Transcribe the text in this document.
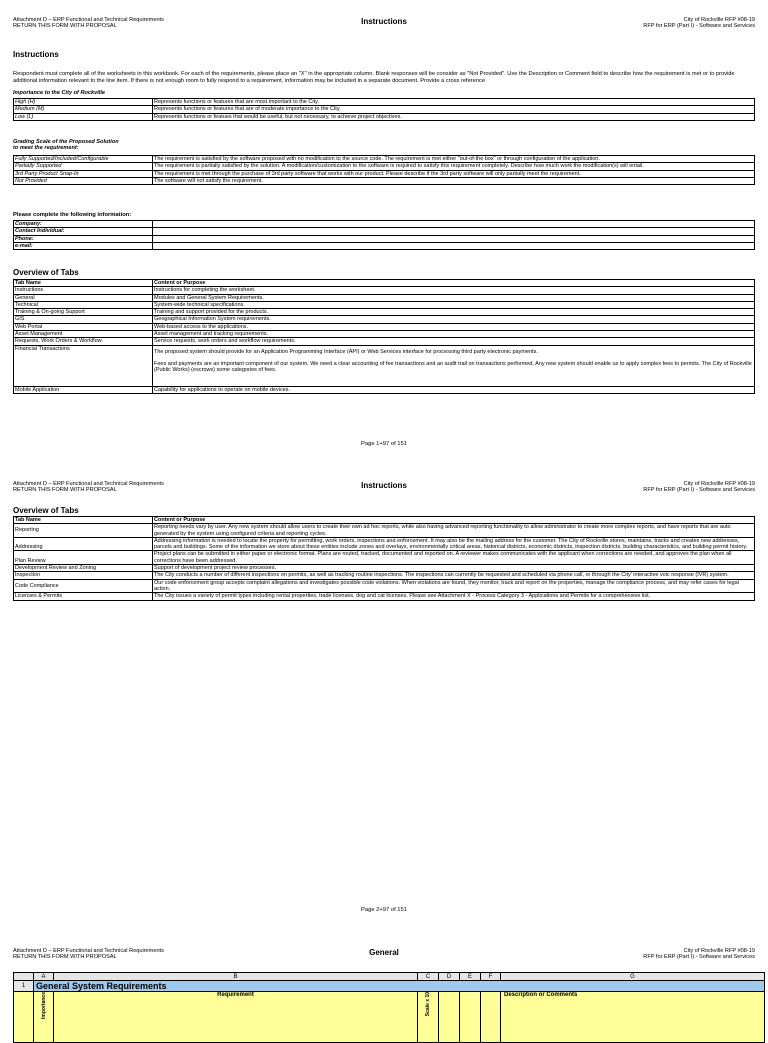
Attachment D – ERP Functional and Technical Requirements
RETURN THIS FORM WITH PROPOSAL
Instructions	City of Rockville RFP #08-19
RFP for ERP (Part I) - Software and Services
Instructions
Respondent must complete all of the worksheets in this workbook. For each of the requirements, please place an "X" in the appropriate column. Blank responses will be consider as "Not Provided". Use the Description or Comment field to describe how the requirement is met or to provide additional information relevant to the line item. If there is not enough room to fully respond to a requirement, information may be included in a separate document. Provide a cross reference
Importance to the City of Rockville
High (H)	Represents functions or features that are most important to the City.
Medium (M)	Represents functions or features that are of moderate importance to the City.
Low (L)	Represents functions or featues that would be useful, but not necessary, to achieve project objectives.
Grading Scale of the Proposed Solution
to meet the requirement:
Fully Supported/Included/Configurable	The requirement is satisfied by the software proposed with no modification to the source code. The requirement is met either "out-of-the box" or through configuration of the application.
Partially Supported	The requirement is partially satisfied by the solution. A modification/customization to the software is required to satisfy this requirement completely. Describe how much work the modification(s) will entail.
3rd Party Product Snap-In	The requirement is met through the purchase of 3rd party software that works with our product. Please describe if the 3rd party software will only partially meet the requirement.
Not Provided	The software will not satisfy the requirement.
Please complete the following information:
Company:	
Contact Individual:	
Phone:	
e-mail:	
Overview of Tabs
Tab Name	Content or Purpose
Instructions	Instructions for completing the worksheet.
General	Modules and General System Requirements.
Technical	System-wide technical specifications.
Training & On-going Support	Training and support provided for the products.
GIS	Geographical Information System requirements.
Web Portal	Web-based access to the applications.
Asset Management	Asset management and tracking requirements.
Requests, Work Orders & Workflow	Service requests, work orders and workflow requirements.
Financial Transactions	The proposed system should provide for an Application Programming Interface (API) or Web Services interface for processing third party electronic payments.
Fees and payments are an important component of our system. We need a clear accounting of fee transactions and an audit trail on transactions performed. Any new system should enable us to apply complex fees to permits. The City of Rockville (Public Works) (escrows) some categories of fees.

Mobile Application	Capability for applications to operate on mobile devices.
Page 1+97 of 151
Attachment D – ERP Functional and Technical Requirements
RETURN THIS FORM WITH PROPOSAL
Instructions	City of Rockville RFP #08-19
RFP for ERP (Part I) - Software and Services
Overview of Tabs
Tab Name	Content or Purpose
Reporting	Reporting needs vary by user. Any new system should allow users to create their own ad hoc reports, while also having advanced reporting functionality to allow administrator to create more complex reports, and have reports that are auto generated by the system using configured criteria and reporting cycles.
Addressing	Addressing information is needed to locate the property for permitting, work orders, inspections and enforcement. It may also be the mailing address for the customer. The City of Rockville stores, maintains, tracks and creates new addresses, parcels and buildings. Some of the information we store about these entities include zones and overlays, environmentally critical areas, historical districts, economic districts, inspection districts, building characteristics, and building permit history.
Plan Review	Project plans can be submitted in either paper or electronic format. Plans are routed, tracked, documented and reported on. A reviewer makes communicates with the applicant when corrections are needed, and approves the plan when all corrections have been addressed.
Development Review and Zoning	Support of development project review processes.
Inspection	The City conducts a number of different inspections on permits, as well as tracking routine inspections. The inspections can currently be requested and scheduled via phone call, or through the City' interactive voic response (IVR) system.
Code Compliance	Our code enforcement group accepts complaint allegations and investigates possible code violations. When violations are found, they monitor, track and report on the properties, manage the compliance process, and may refer cases for legal action.
Licenses & Permits	The City issues a variety of permit types including rental properties, trade licenses, dog and cat licenses. Please see Attachment X - Process Category 3 - Applications and Permits for a comprehensive list.
Page 2+97 of 151
Attachment D – ERP Functional and Technical Requirements
RETURN THIS FORM WITH PROPOSAL
General	City of Rockville RFP #08-19
RFP for ERP (Part I) - Software and Services
	A	B	C	D	E	F	G
1	General System Requirements						
	Importance	Requirement	Scale x 10				Description or Comments
